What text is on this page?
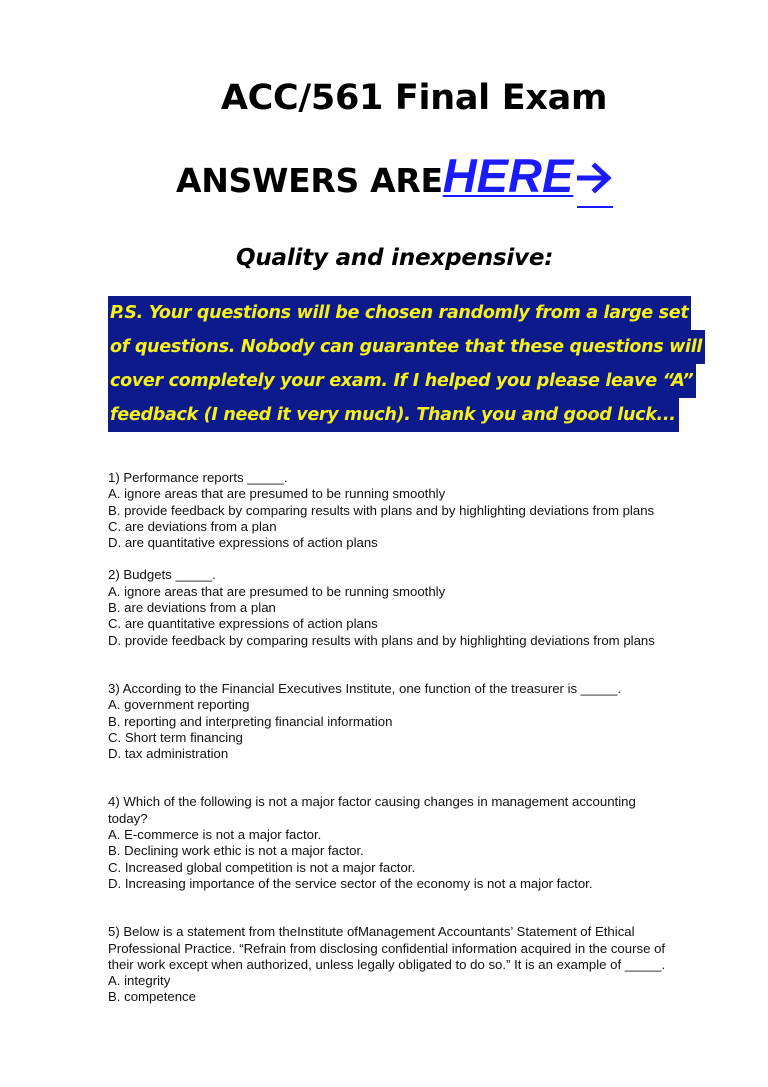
ACC/561 Final Exam
ANSWERS AREHERE
Quality and inexpensive:
P.S. Your questions will be chosen randomly from a large set
of questions. Nobody can guarantee that these questions will
cover completely your exam. If I helped you please leave “A”
feedback (I need it very much). Thank you and good luck...
1) Performance reports _____.
A. ignore areas that are presumed to be running smoothly
B. provide feedback by comparing results with plans and by highlighting deviations from plans
C. are deviations from a plan
D. are quantitative expressions of action plans
2) Budgets _____.
A. ignore areas that are presumed to be running smoothly
B. are deviations from a plan
C. are quantitative expressions of action plans
D. provide feedback by comparing results with plans and by highlighting deviations from plans
3) According to the Financial Executives Institute, one function of the treasurer is _____.
A. government reporting
B. reporting and interpreting financial information
C. Short term financing
D. tax administration
4) Which of the following is not a major factor causing changes in management accounting
today?
A. E-commerce is not a major factor.
B. Declining work ethic is not a major factor.
C. Increased global competition is not a major factor.
D. Increasing importance of the service sector of the economy is not a major factor.
5) Below is a statement from theInstitute ofManagement Accountants’ Statement of Ethical
Professional Practice. “Refrain from disclosing confidential information acquired in the course of
their work except when authorized, unless legally obligated to do so.” It is an example of _____.
A. integrity
B. competence
